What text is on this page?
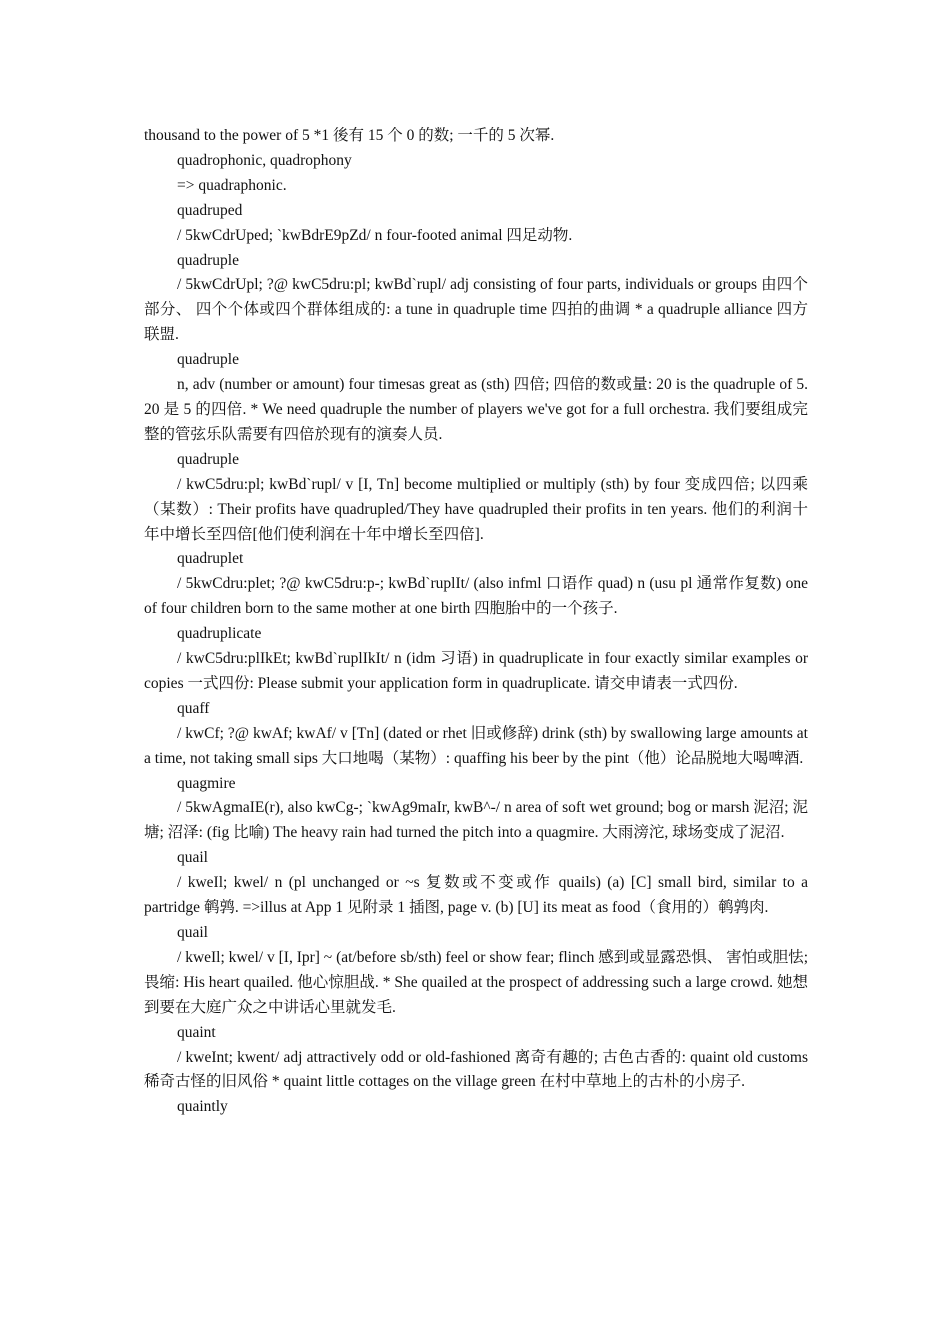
thousand to the power of 5 *1 後有 15 个 0 的数; 一千的 5 次幂.

quadrophonic, quadrophony

=> quadraphonic.

quadruped

/ 5kwCdrUped; `kwBdrE9pZd/ n four-footed animal 四足动物.

quadruple

/ 5kwCdrUpl; ?@ kwC5dru:pl; kwBd`rupl/ adj consisting of four parts, individuals or groups 由四个部分、 四个个体或四个群体组成的: a tune in quadruple time 四拍的曲调 * a quadruple alliance 四方联盟.

quadruple

n, adv (number or amount) four timesas great as (sth) 四倍; 四倍的数或量: 20 is the quadruple of 5. 20 是 5 的四倍. * We need quadruple the number of players we've got for a full orchestra. 我们要组成完整的管弦乐队需要有四倍於现有的演奏人员.

quadruple

/ kwC5dru:pl; kwBd`rupl/ v [I, Tn] become multiplied or multiply (sth) by four 变成四倍; 以四乘（某数）: Their profits have quadrupled/They have quadrupled their profits in ten years. 他们的利润十年中增长至四倍[他们使利润在十年中增长至四倍].

quadruplet

/ 5kwCdru:plet; ?@ kwC5dru:p-; kwBd`ruplIt/ (also infml 口语作 quad) n (usu pl 通常作复数) one of four children born to the same mother at one birth 四胞胎中的一个孩子.

quadruplicate

/ kwC5dru:plIkEt; kwBd`ruplIkIt/ n (idm 习语) in quadruplicate in four exactly similar examples or copies 一式四份: Please submit your application form in quadruplicate. 请交申请表一式四份.

quaff

/ kwCf; ?@ kwAf; kwAf/ v [Tn] (dated or rhet 旧或修辞) drink (sth) by swallowing large amounts at a time, not taking small sips 大口地喝（某物）: quaffing his beer by the pint（他）论品脱地大喝啤酒.

quagmire

/ 5kwAgmaIE(r), also kwCg-; `kwAg9maIr, kwB^-/ n area of soft wet ground; bog or marsh 泥沼; 泥塘; 沼泽: (fig 比喻) The heavy rain had turned the pitch into a quagmire. 大雨滂沱, 球场变成了泥沼.

quail

/ kweIl; kwel/ n (pl unchanged or ~s 复数或不变或作 quails) (a) [C] small bird, similar to a partridge 鹌鹑. =>illus at App 1 见附录 1 插图, page v. (b) [U] its meat as food（食用的）鹌鹑肉.

quail

/ kweIl; kwel/ v [I, Ipr] ~ (at/before sb/sth) feel or show fear; flinch 感到或显露恐惧、 害怕或胆怯; 畏缩: His heart quailed. 他心惊胆战. * She quailed at the prospect of addressing such a large crowd. 她想到要在大庭广众之中讲话心里就发毛.

quaint

/ kweInt; kwent/ adj attractively odd or old-fashioned 离奇有趣的; 古色古香的: quaint old customs 稀奇古怪的旧风俗 * quaint little cottages on the village green 在村中草地上的古朴的小房子.

quaintly
